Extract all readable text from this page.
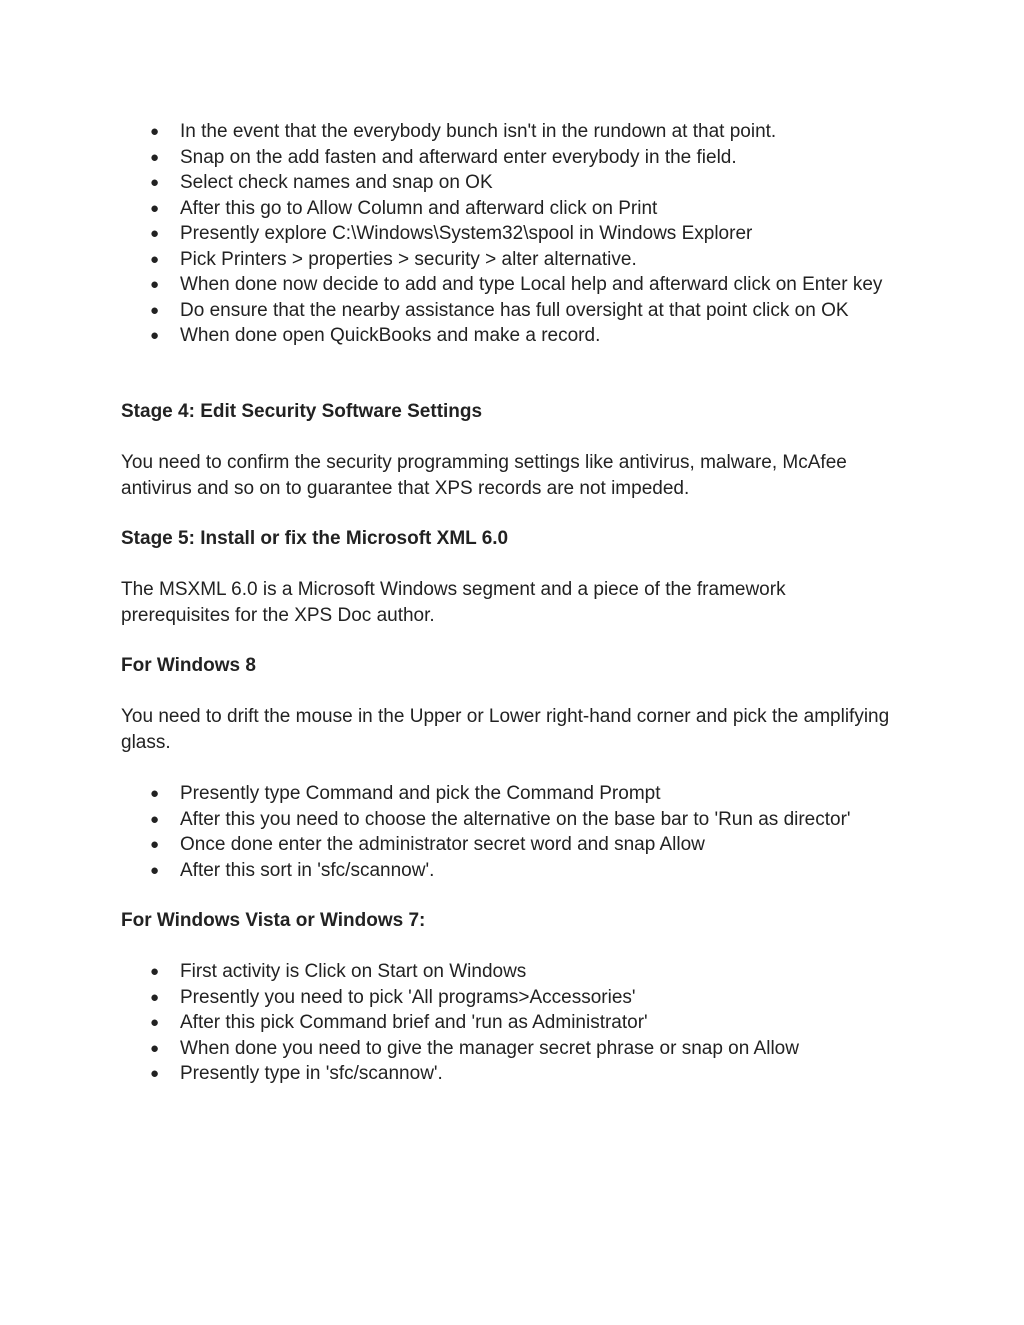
● In the event that the everybody bunch isn't in the rundown at that point.
● Snap on the add fasten and afterward enter everybody in the field.
● Select check names and snap on OK
● After this go to Allow Column and afterward click on Print
● Presently explore C:\Windows\System32\spool in Windows Explorer
● Pick Printers > properties > security > alter alternative.
● When done now decide to add and type Local help and afterward click on Enter key
● Do ensure that the nearby assistance has full oversight at that point click on OK
● When done open QuickBooks and make a record.
Stage 4: Edit Security Software Settings
You need to confirm the security programming settings like antivirus, malware, McAfee
antivirus and so on to guarantee that XPS records are not impeded.
Stage 5: Install or fix the Microsoft XML 6.0
The MSXML 6.0 is a Microsoft Windows segment and a piece of the framework
prerequisites for the XPS Doc author.
For Windows 8
You need to drift the mouse in the Upper or Lower right-hand corner and pick the amplifying
glass.
● Presently type Command and pick the Command Prompt
● After this you need to choose the alternative on the base bar to 'Run as director'
● Once done enter the administrator secret word and snap Allow
● After this sort in 'sfc/scannow'.
For Windows Vista or Windows 7:
● First activity is Click on Start on Windows
● Presently you need to pick 'All programs>Accessories'
● After this pick Command brief and 'run as Administrator'
● When done you need to give the manager secret phrase or snap on Allow
● Presently type in 'sfc/scannow'.
